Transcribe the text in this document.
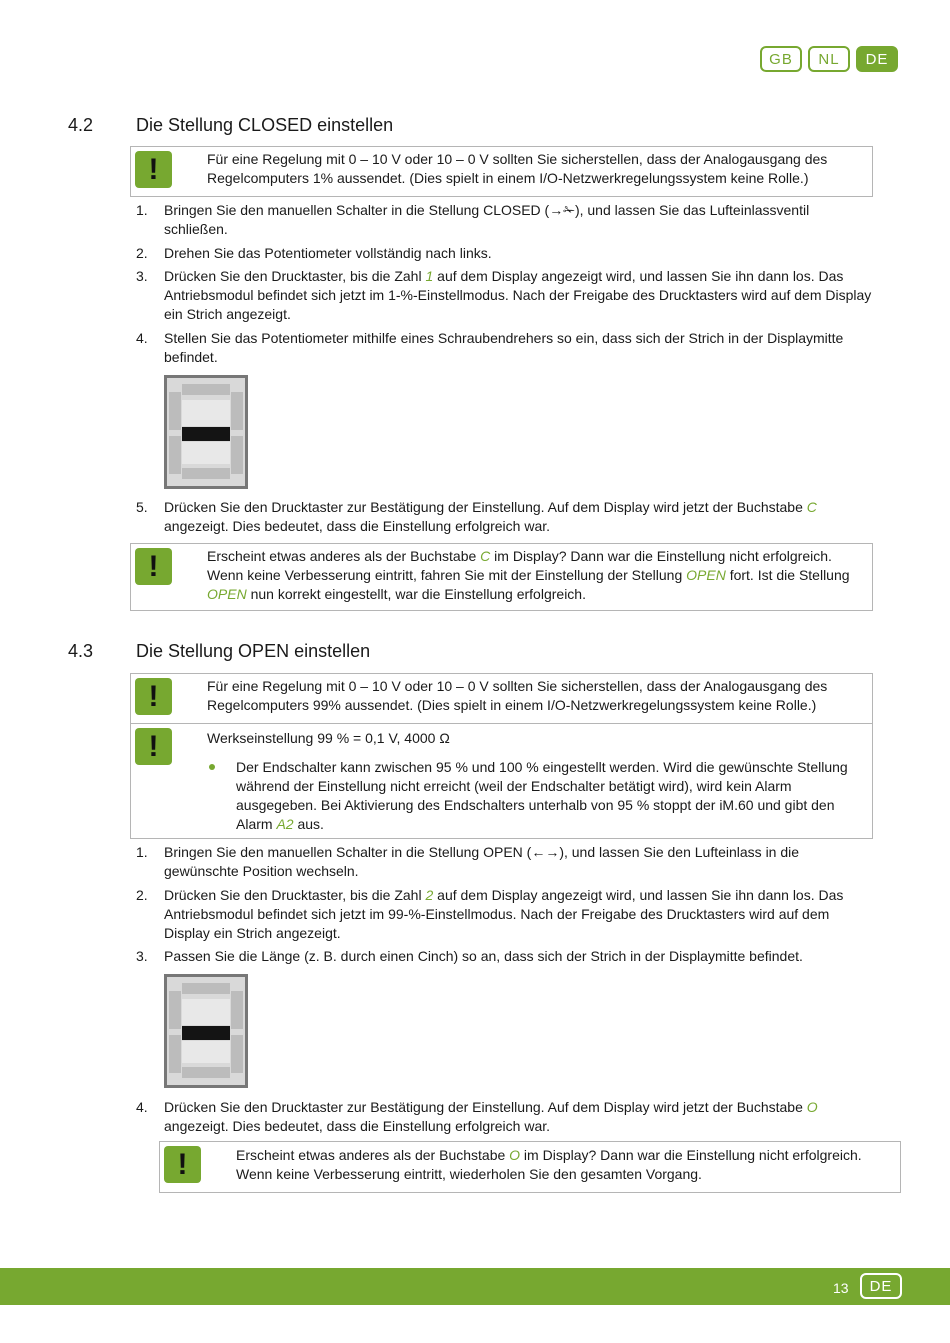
GB	NL	DE
4.2 Die Stellung CLOSED einstellen
!	Für eine Regelung mit 0 – 10 V oder 10 – 0 V sollten Sie sicherstellen, dass der Analogausgang des Regelcomputers 1% aussendet. (Dies spielt in einem I/O-Netzwerkregelungssystem keine Rolle.)
1. Bringen Sie den manuellen Schalter in die Stellung CLOSED (→✁), und lassen Sie das Lufteinlassventil schließen.
2. Drehen Sie das Potentiometer vollständig nach links.
3. Drücken Sie den Drucktaster, bis die Zahl 1 auf dem Display angezeigt wird, und lassen Sie ihn dann los. Das Antriebsmodul befindet sich jetzt im 1-%-Einstellmodus. Nach der Freigabe des Drucktasters wird auf dem Display ein Strich angezeigt.
4. Stellen Sie das Potentiometer mithilfe eines Schraubendrehers so ein, dass sich der Strich in der Displaymitte befindet.
5. Drücken Sie den Drucktaster zur Bestätigung der Einstellung. Auf dem Display wird jetzt der Buchstabe C angezeigt. Dies bedeutet, dass die Einstellung erfolgreich war.
!	Erscheint etwas anderes als der Buchstabe C im Display? Dann war die Einstellung nicht erfolgreich. Wenn keine Verbesserung eintritt, fahren Sie mit der Einstellung der Stellung OPEN fort. Ist die Stellung OPEN nun korrekt eingestellt, war die Einstellung erfolgreich.
4.3 Die Stellung OPEN einstellen
!	Für eine Regelung mit 0 – 10 V oder 10 – 0 V sollten Sie sicherstellen, dass der Analogausgang des Regelcomputers 99% aussendet. (Dies spielt in einem I/O-Netzwerkregelungssystem keine Rolle.)
!	Werkseinstellung 99 % = 0,1 V, 4000 Ω
Der Endschalter kann zwischen 95 % und 100 % eingestellt werden. Wird die gewünschte Stellung während der Einstellung nicht erreicht (weil der Endschalter betätigt wird), wird kein Alarm ausgegeben. Bei Aktivierung des Endschalters unterhalb von 95 % stoppt der iM.60 und gibt den Alarm A2 aus.
1. Bringen Sie den manuellen Schalter in die Stellung OPEN (←→), und lassen Sie den Lufteinlass in die gewünschte Position wechseln.
2. Drücken Sie den Drucktaster, bis die Zahl 2 auf dem Display angezeigt wird, und lassen Sie ihn dann los. Das Antriebsmodul befindet sich jetzt im 99-%-Einstellmodus. Nach der Freigabe des Drucktasters wird auf dem Display ein Strich angezeigt.
3. Passen Sie die Länge (z. B. durch einen Cinch) so an, dass sich der Strich in der Displaymitte befindet.
4. Drücken Sie den Drucktaster zur Bestätigung der Einstellung. Auf dem Display wird jetzt der Buchstabe O angezeigt. Dies bedeutet, dass die Einstellung erfolgreich war.
!	Erscheint etwas anderes als der Buchstabe O im Display? Dann war die Einstellung nicht erfolgreich. Wenn keine Verbesserung eintritt, wiederholen Sie den gesamten Vorgang.
13	DE
